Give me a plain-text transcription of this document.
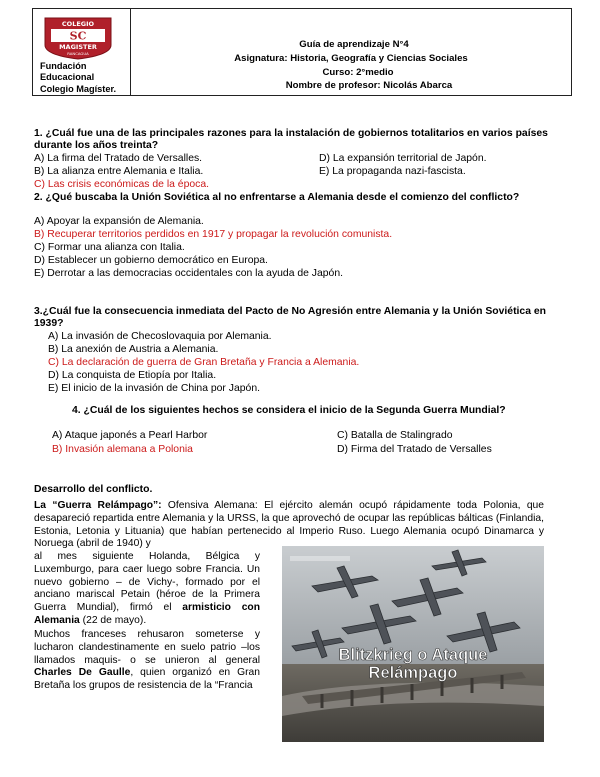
COLEGIO
SC
MAGISTER
RANCAGUA
Fundación
Educacional
Colegio Magíster.
Guía de aprendizaje N°4
Asignatura: Historia, Geografía y Ciencias Sociales
Curso: 2°medio
Nombre de profesor: Nicolás Abarca
1. ¿Cuál fue una de las principales razones para la instalación de gobiernos totalitarios en varios países durante los años treinta?
A) La firma del Tratado de Versalles.	D) La expansión territorial de Japón.
B) La alianza entre Alemania e Italia.	E) La propaganda nazi-fascista.
C) Las crisis económicas de la época.
2. ¿Qué buscaba la Unión Soviética al no enfrentarse a Alemania desde el comienzo del conflicto?
A) Apoyar la expansión de Alemania.
B) Recuperar territorios perdidos en 1917 y propagar la revolución comunista.
C) Formar una alianza con Italia.
D) Establecer un gobierno democrático en Europa.
E) Derrotar a las democracias occidentales con la ayuda de Japón.
3.¿Cuál fue la consecuencia inmediata del Pacto de No Agresión entre Alemania y la Unión Soviética en 1939?
A) La invasión de Checoslovaquia por Alemania.
B) La anexión de Austria a Alemania.
C) La declaración de guerra de Gran Bretaña y Francia a Alemania.
D) La conquista de Etiopía por Italia.
E) El inicio de la invasión de China por Japón.
4. ¿Cuál de los siguientes hechos se considera el inicio de la Segunda Guerra Mundial?
A) Ataque japonés a Pearl Harbor	C) Batalla de Stalingrado
B) Invasión alemana a Polonia	D) Firma del Tratado de Versalles
Desarrollo del conflicto.
La “Guerra Relámpago”: Ofensiva Alemana: El ejército alemán ocupó rápidamente toda Polonia, que desapareció repartida entre Alemania y la URSS, la que aprovechó de ocupar las repúblicas bálticas (Finlandia, Estonia, Letonia y Lituania) que habían pertenecido al Imperio Ruso. Luego Alemania ocupó Dinamarca y Noruega (abril de 1940) y
al mes siguiente Holanda, Bélgica y Luxemburgo, para caer luego sobre Francia. Un nuevo gobierno – de Vichy-, formado por el anciano mariscal Petain (héroe de la Primera Guerra Mundial), firmó el armisticio con Alemania (22 de mayo).
Muchos franceses rehusaron someterse y lucharon clandestinamente en suelo patrio –los llamados maquis- o se unieron al general Charles De Gaulle, quien organizó en Gran Bretaña los grupos de resistencia de la “Francia
Blitzkrieg o Ataque
Relámpago
